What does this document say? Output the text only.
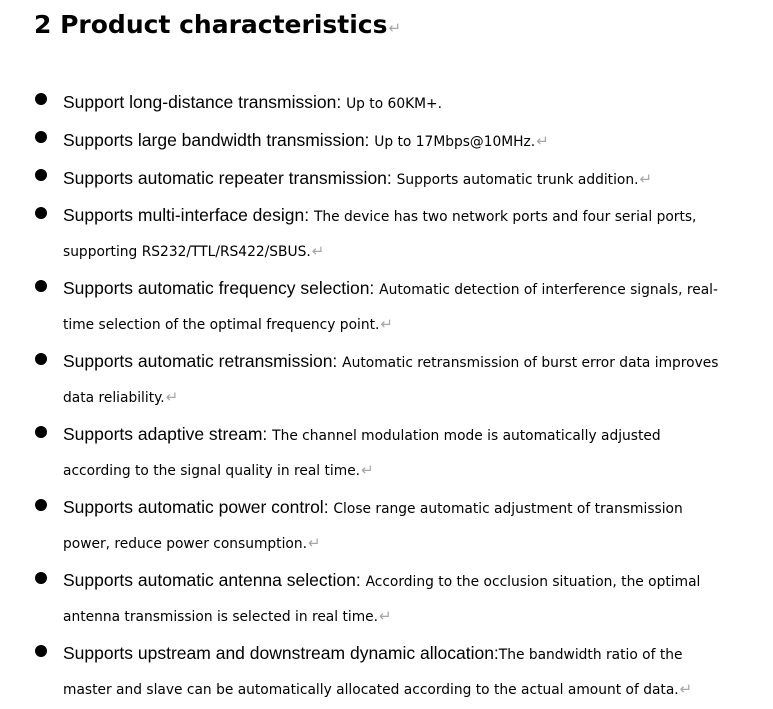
2 Product characteristics↵
Support long-distance transmission: Up to 60KM+.
Supports large bandwidth transmission: Up to 17Mbps@10MHz.↵
Supports automatic repeater transmission: Supports automatic trunk addition.↵
Supports multi-interface design: The device has two network ports and four serial ports,
supporting RS232/TTL/RS422/SBUS.↵
Supports automatic frequency selection: Automatic detection of interference signals, real-
time selection of the optimal frequency point.↵
Supports automatic retransmission: Automatic retransmission of burst error data improves
data reliability.↵
Supports adaptive stream: The channel modulation mode is automatically adjusted
according to the signal quality in real time.↵
Supports automatic power control: Close range automatic adjustment of transmission
power, reduce power consumption.↵
Supports automatic antenna selection: According to the occlusion situation, the optimal
antenna transmission is selected in real time.↵
Supports upstream and downstream dynamic allocation:The bandwidth ratio of the
master and slave can be automatically allocated according to the actual amount of data.↵
